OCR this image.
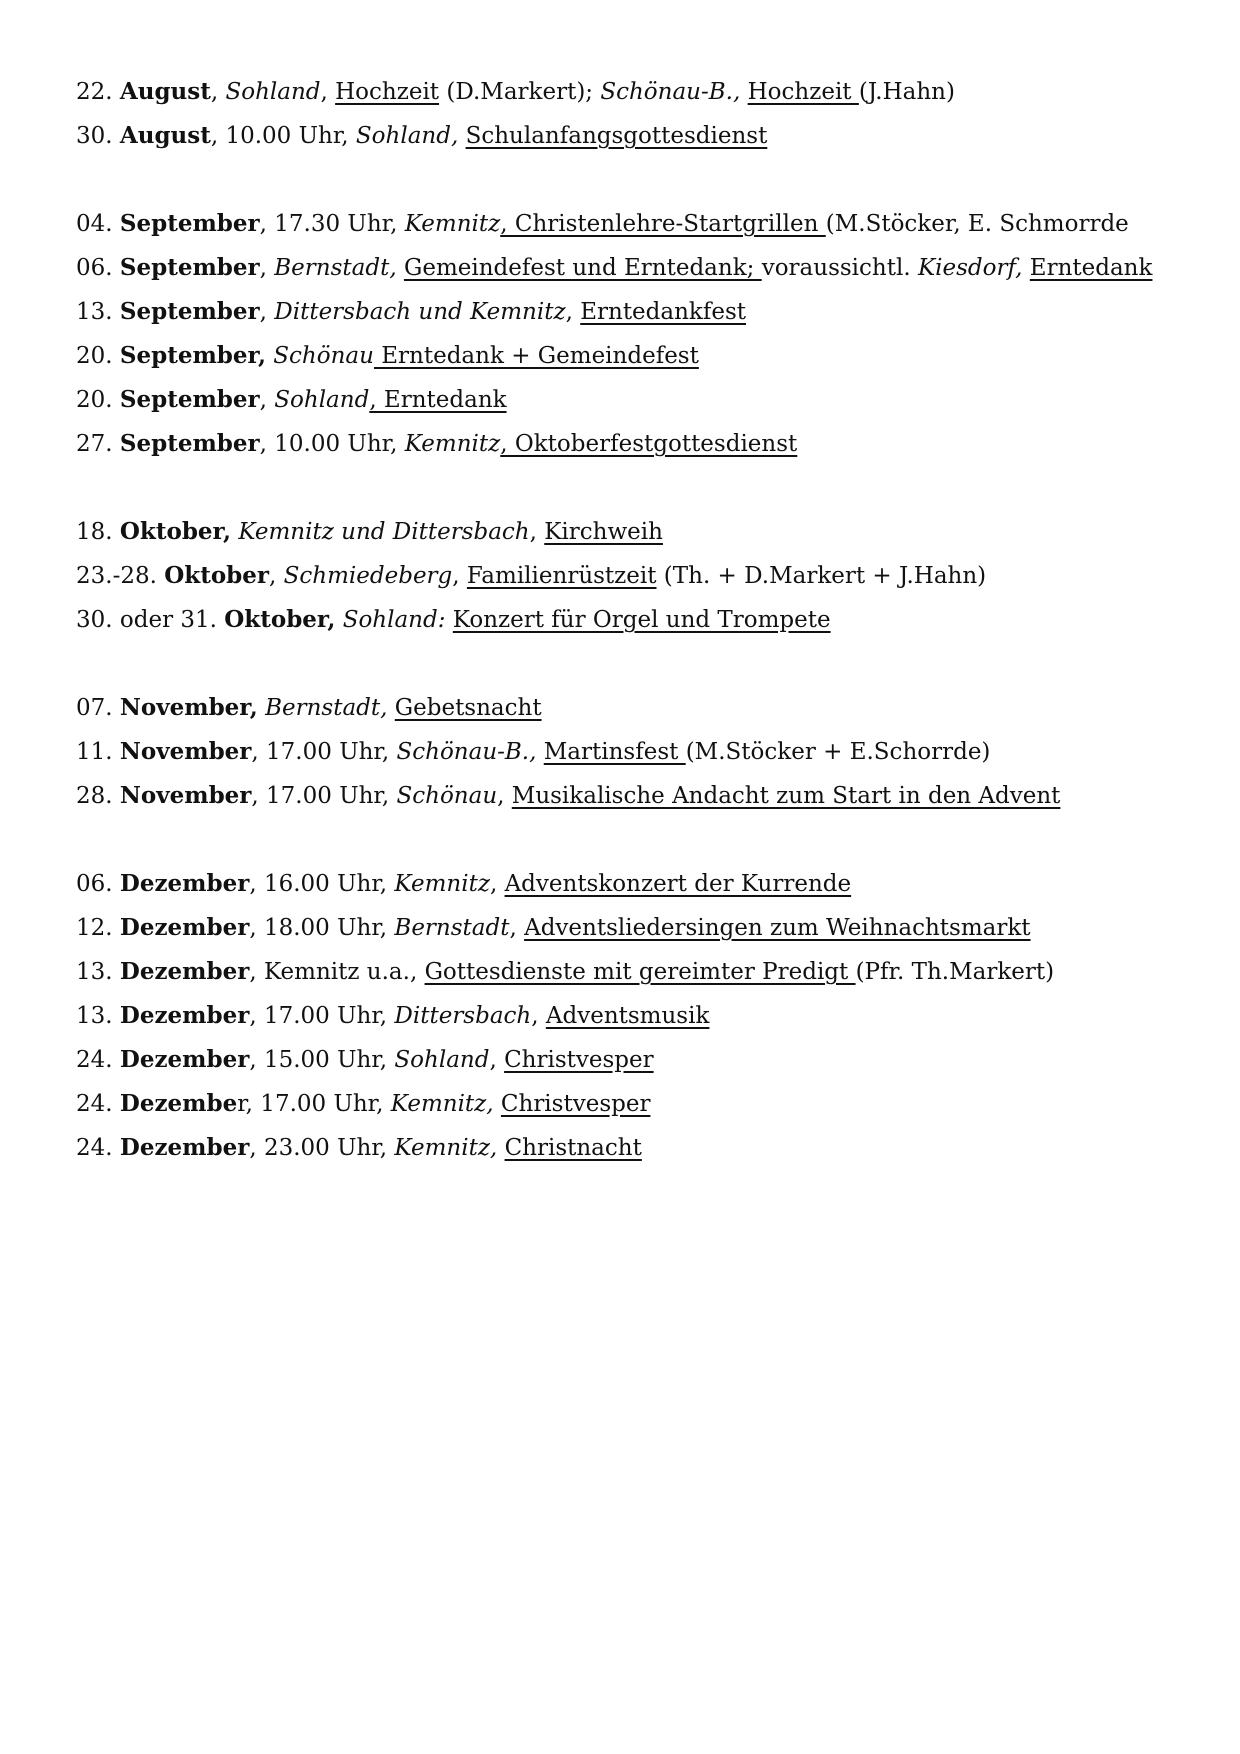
22. August, Sohland, Hochzeit (D.Markert); Schönau-B., Hochzeit (J.Hahn)
30. August, 10.00 Uhr, Sohland, Schulanfangsgottesdienst
04. September, 17.30 Uhr, Kemnitz, Christenlehre-Startgrillen (M.Stöcker, E. Schmorrde
06. September, Bernstadt, Gemeindefest und Erntedank; voraussichtl. Kiesdorf, Erntedank
13. September, Dittersbach und Kemnitz, Erntedankfest
20. September, Schönau Erntedank + Gemeindefest
20. September, Sohland, Erntedank
27. September, 10.00 Uhr, Kemnitz, Oktoberfestgottesdienst
18. Oktober, Kemnitz und Dittersbach, Kirchweih
23.-28. Oktober, Schmiedeberg, Familienrüstzeit (Th. + D.Markert + J.Hahn)
30. oder 31. Oktober, Sohland: Konzert für Orgel und Trompete
07. November, Bernstadt, Gebetsnacht
11. November, 17.00 Uhr, Schönau-B., Martinsfest (M.Stöcker + E.Schorrde)
28. November, 17.00 Uhr, Schönau, Musikalische Andacht zum Start in den Advent
06. Dezember, 16.00 Uhr, Kemnitz, Adventskonzert der Kurrende
12. Dezember, 18.00 Uhr, Bernstadt, Adventsliedersingen zum Weihnachtsmarkt
13. Dezember, Kemnitz u.a., Gottesdienste mit gereimter Predigt (Pfr. Th.Markert)
13. Dezember, 17.00 Uhr, Dittersbach, Adventsmusik
24. Dezember, 15.00 Uhr, Sohland, Christvesper
24. Dezember, 17.00 Uhr, Kemnitz, Christvesper
24. Dezember, 23.00 Uhr, Kemnitz, Christnacht
